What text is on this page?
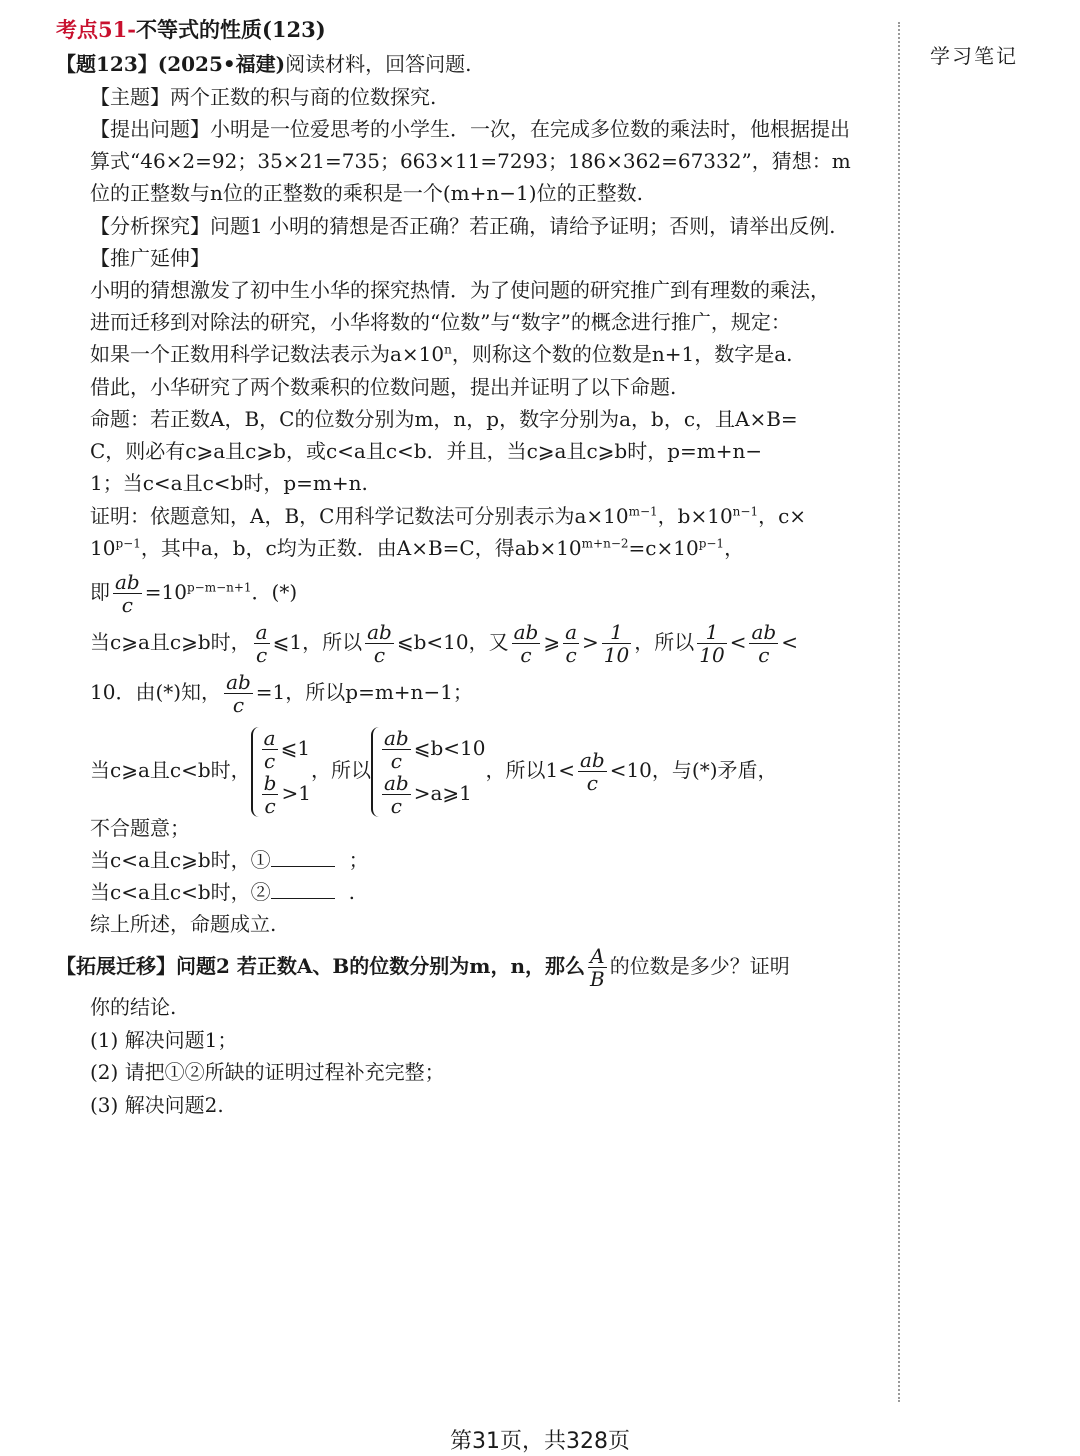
考点51-不等式的性质(123)
【题123】(2025•福建)阅读材料，回答问题.
【主题】两个正数的积与商的位数探究.
【提出问题】小明是一位爱思考的小学生．一次，在完成多位数的乘法时，他根据提出
算式“46×2=92；35×21=735；663×11=7293；186×362=67332”，猜想：m
位的正整数与n位的正整数的乘积是一个(m+n−1)位的正整数.
【分析探究】问题1 小明的猜想是否正确？若正确，请给予证明；否则，请举出反例.
【推广延伸】
小明的猜想激发了初中生小华的探究热情．为了使问题的研究推广到有理数的乘法，
进而迁移到对除法的研究，小华将数的“位数”与“数字”的概念进行推广，规定：
如果一个正数用科学记数法表示为$a\times 10^n$，则称这个数的位数是n+1，数字是a.
借此，小华研究了两个数乘积的位数问题，提出并证明了以下命题.
命题：若正数A，B，C的位数分别为m，n，p，数字分别为a，b，c，且A×B=
C，则必有c⩾a且c⩾b，或c<a且c<b．并且，当c⩾a且c⩾b时，p=m+n−
1；当c<a且c<b时，p=m+n.
证明：依题意知，A，B，C用科学记数法可分别表示为$a\times 10^{m-1}$，$b\times 10^{n-1}$，c×
$10^{p-1}$，其中a，b，c均为正数．由A×B=C，得$ab\times 10^{m+n-2}=c\times 10^{p-1}$，
即 $\frac{ab}{c} =10^{p-m-n+1}$．(*)
当c⩾a且c⩾b时， $\frac{a}{c}$ ⩽1，所以 $\frac{ab}{c}$ ⩽b<10，又 $\frac{ab}{c}$ ⩾ $\frac{a}{c} > \frac{1}{10}$ ，所以 $\frac{1}{10} < \frac{ab}{c}$ <
10．由(*)知， $\frac{ab}{c} =1$，所以p=m+n−1；
当c⩾a且c<b时， $\frac{a}{c}$ ⩽1
$\frac{b}{c} >1$
，所以 $\frac{ab}{c}$ ⩽b<10
$\frac{ab}{c}$ >a⩾1
，所以$1< \frac{ab}{c} <10$，与(*)矛盾，
不合题意；
当c<a且c⩾b时，①	；
当c<a且c<b时，②	.
综上所述，命题成立.
【拓展迁移】问题2 若正数A、B的位数分别为m，n，那么 $\frac{A}{B}$ 的位数是多少？证明
你的结论.
(1) 解决问题1；
(2) 请把①②所缺的证明过程补充完整；
(3) 解决问题2.
学习笔记
第31页，共328页
